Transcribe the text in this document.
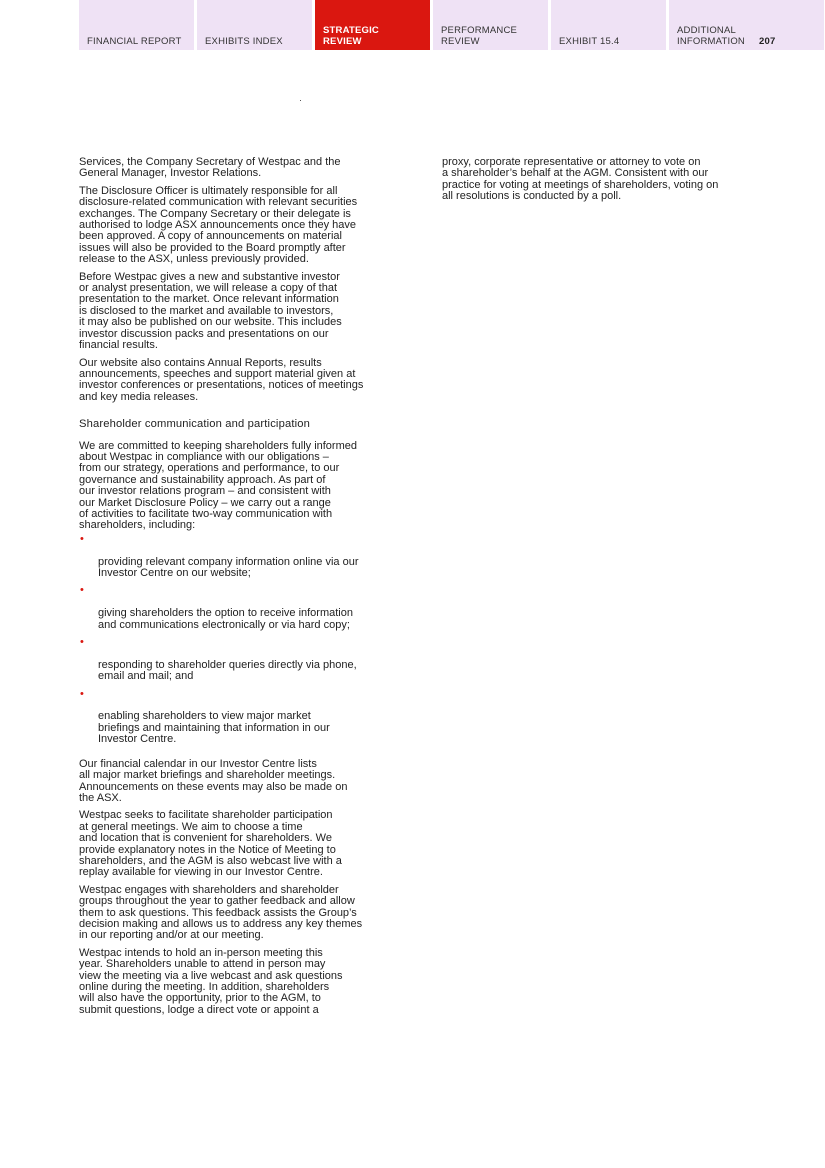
FINANCIAL REPORT EXHIBITS INDEX
STRATEGIC
REVIEW
PERFORMANCE
REVIEW	EXHIBIT 15.4
ADDITIONAL
INFORMATION 207

Services, the Company Secretary of Westpac and the
General Manager, Investor Relations.

The Disclosure Officer is ultimately responsible for all
disclosure-related communication with relevant securities
exchanges. The Company Secretary or their delegate is
authorised to lodge ASX announcements once they have
been approved. A copy of announcements on material
issues will also be provided to the Board promptly after
release to the ASX, unless previously provided.

Before Westpac gives a new and substantive investor
or analyst presentation, we will release a copy of that
presentation to the market. Once relevant information
is disclosed to the market and available to investors,
it may also be published on our website. This includes
investor discussion packs and presentations on our
financial results.

Our website also contains Annual Reports, results
announcements, speeches and support material given at
investor conferences or presentations, notices of meetings
and key media releases.

Shareholder communication and participation

We are committed to keeping shareholders fully informed
about Westpac in compliance with our obligations –
from our strategy, operations and performance, to our
governance and sustainability approach. As part of
our investor relations program – and consistent with
our Market Disclosure Policy – we carry out a range
of activities to facilitate two-way communication with
shareholders, including:

•

providing relevant company information online via our
Investor Centre on our website;

•

giving shareholders the option to receive information
and communications electronically or via hard copy;

•

responding to shareholder queries directly via phone,
email and mail; and

•

enabling shareholders to view major market
briefings and maintaining that information in our
Investor Centre.

Our financial calendar in our Investor Centre lists
all major market briefings and shareholder meetings.
Announcements on these events may also be made on
the ASX.

Westpac seeks to facilitate shareholder participation
at general meetings. We aim to choose a time
and location that is convenient for shareholders. We
provide explanatory notes in the Notice of Meeting to
shareholders, and the AGM is also webcast live with a
replay available for viewing in our Investor Centre.

Westpac engages with shareholders and shareholder
groups throughout the year to gather feedback and allow
them to ask questions. This feedback assists the Group’s
decision making and allows us to address any key themes
in our reporting and/or at our meeting.

Westpac intends to hold an in-person meeting this
year. Shareholders unable to attend in person may
view the meeting via a live webcast and ask questions
online during the meeting. In addition, shareholders
will also have the opportunity, prior to the AGM, to
submit questions, lodge a direct vote or appoint a

proxy, corporate representative or attorney to vote on
a shareholder’s behalf at the AGM. Consistent with our
practice for voting at meetings of shareholders, voting on
all resolutions is conducted by a poll.
